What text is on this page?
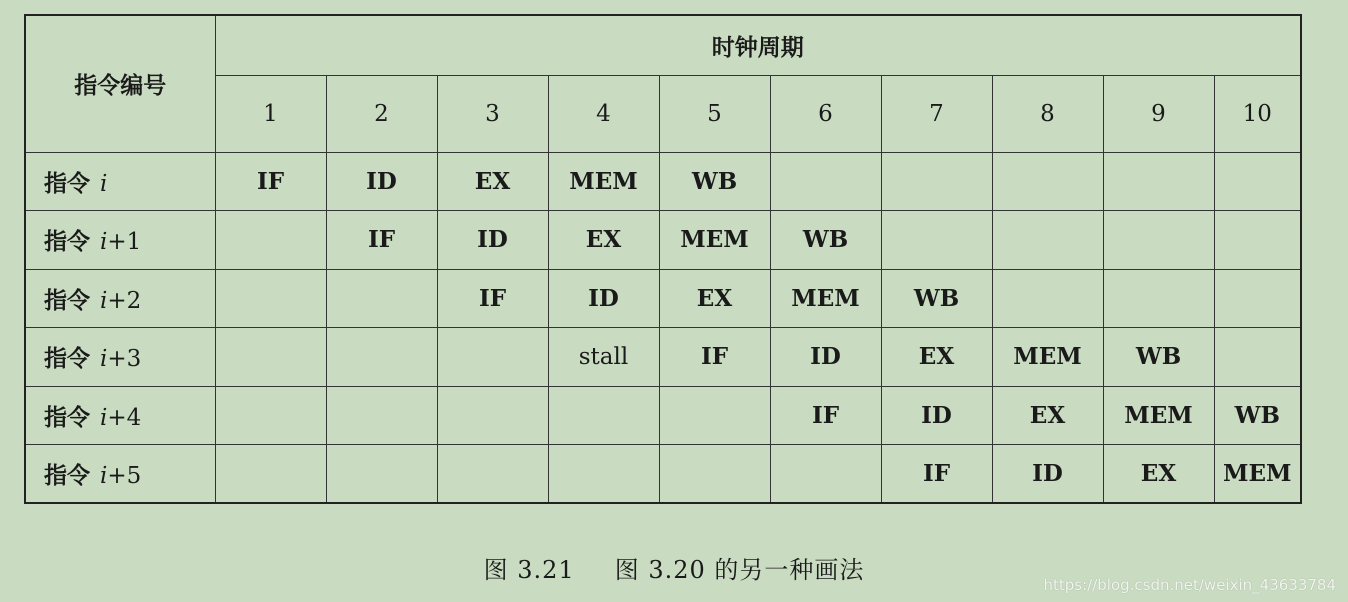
指令编号	时钟周期									
	1	2	3	4	5	6	7	8	9	10
指令 i	IF	ID	EX	MEM	WB					
指令 i+1		IF	ID	EX	MEM	WB				
指令 i+2			IF	ID	EX	MEM	WB			
指令 i+3				stall	IF	ID	EX	MEM	WB	
指令 i+4						IF	ID	EX	MEM	WB
指令 i+5							IF	ID	EX	MEM
图 3.21 图 3.20 的另一种画法
https://blog.csdn.net/weixin_43633784
